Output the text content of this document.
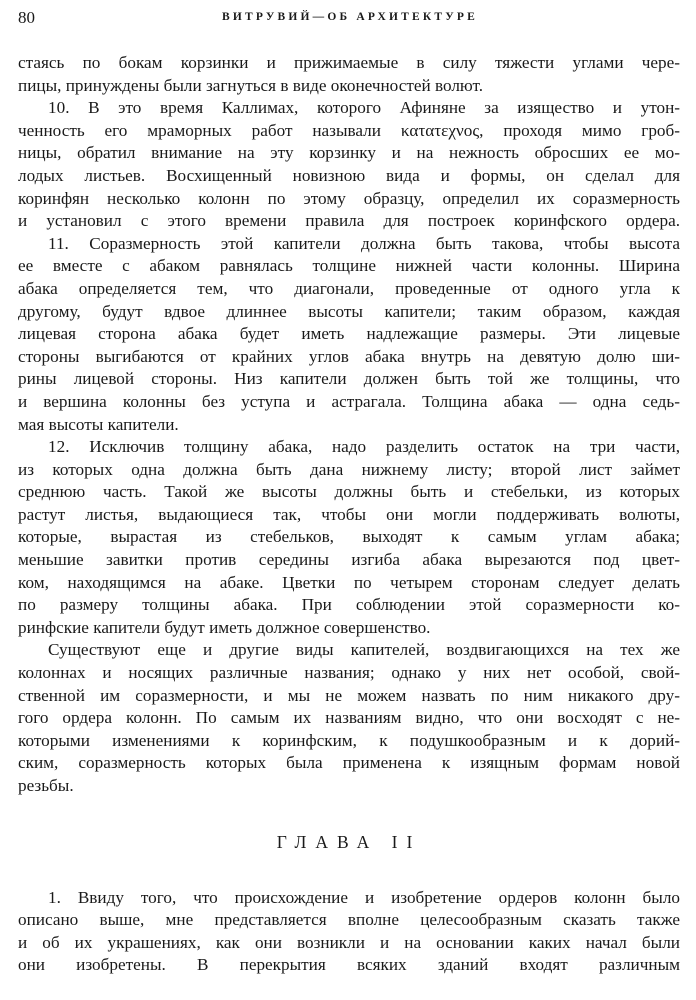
80	ВИТРУВИЙ—ОБ АРХИТЕКТУРЕ

стаясь по бокам корзинки и прижимаемые в силу тяжести углами чере-
пицы, принуждены были загнуться в виде оконечностей волют.

10. В это время Каллимах, которого Афиняне за изящество и утон-
ченность его мраморных работ называли κατατεχνος, проходя мимо гроб-
ницы, обратил внимание на эту корзинку и на нежность обросших ее мо-
лодых листьев. Восхищенный новизною вида и формы, он сделал для
коринфян несколько колонн по этому образцу, определил их соразмерность
и установил с этого времени правила для построек коринфского ордера.

11. Соразмерность этой капители должна быть такова, чтобы высота
ее вместе с абаком равнялась толщине нижней части колонны. Ширина
абака определяется тем, что диагонали, проведенные от одного угла к
другому, будут вдвое длиннее высоты капители; таким образом, каждая
лицевая сторона абака будет иметь надлежащие размеры. Эти лицевые
стороны выгибаются от крайних углов абака внутрь на девятую долю ши-
рины лицевой стороны. Низ капители должен быть той же толщины, что
и вершина колонны без уступа и астрагала. Толщина абака — одна седь-
мая высоты капители.

12. Исключив толщину абака, надо разделить остаток на три части,
из которых одна должна быть дана нижнему листу; второй лист займет
среднюю часть. Такой же высоты должны быть и стебельки, из которых
растут листья, выдающиеся так, чтобы они могли поддерживать волюты,
которые, вырастая из стебельков, выходят к самым углам абака;
меньшие завитки против середины изгиба абака вырезаются под цвет-
ком, находящимся на абаке. Цветки по четырем сторонам следует делать
по размеру толщины абака. При соблюдении этой соразмерности ко-
ринфские капители будут иметь должное совершенство.

Существуют еще и другие виды капителей, воздвигающихся на тех же
колоннах и носящих различные названия; однако у них нет особой, свой-
ственной им соразмерности, и мы не можем назвать по ним никакого дру-
гого ордера колонн. По самым их названиям видно, что они восходят с не-
которыми изменениями к коринфским, к подушкообразным и к дорий-
ским, соразмерность которых была применена к изящным формам новой
резьбы.

ГЛАВА II

1. Ввиду того, что происхождение и изобретение ордеров колонн было
описано выше, мне представляется вполне целесообразным сказать также
и об их украшениях, как они возникли и на основании каких начал были
они изобретены. В перекрытия всяких зданий входят различным
